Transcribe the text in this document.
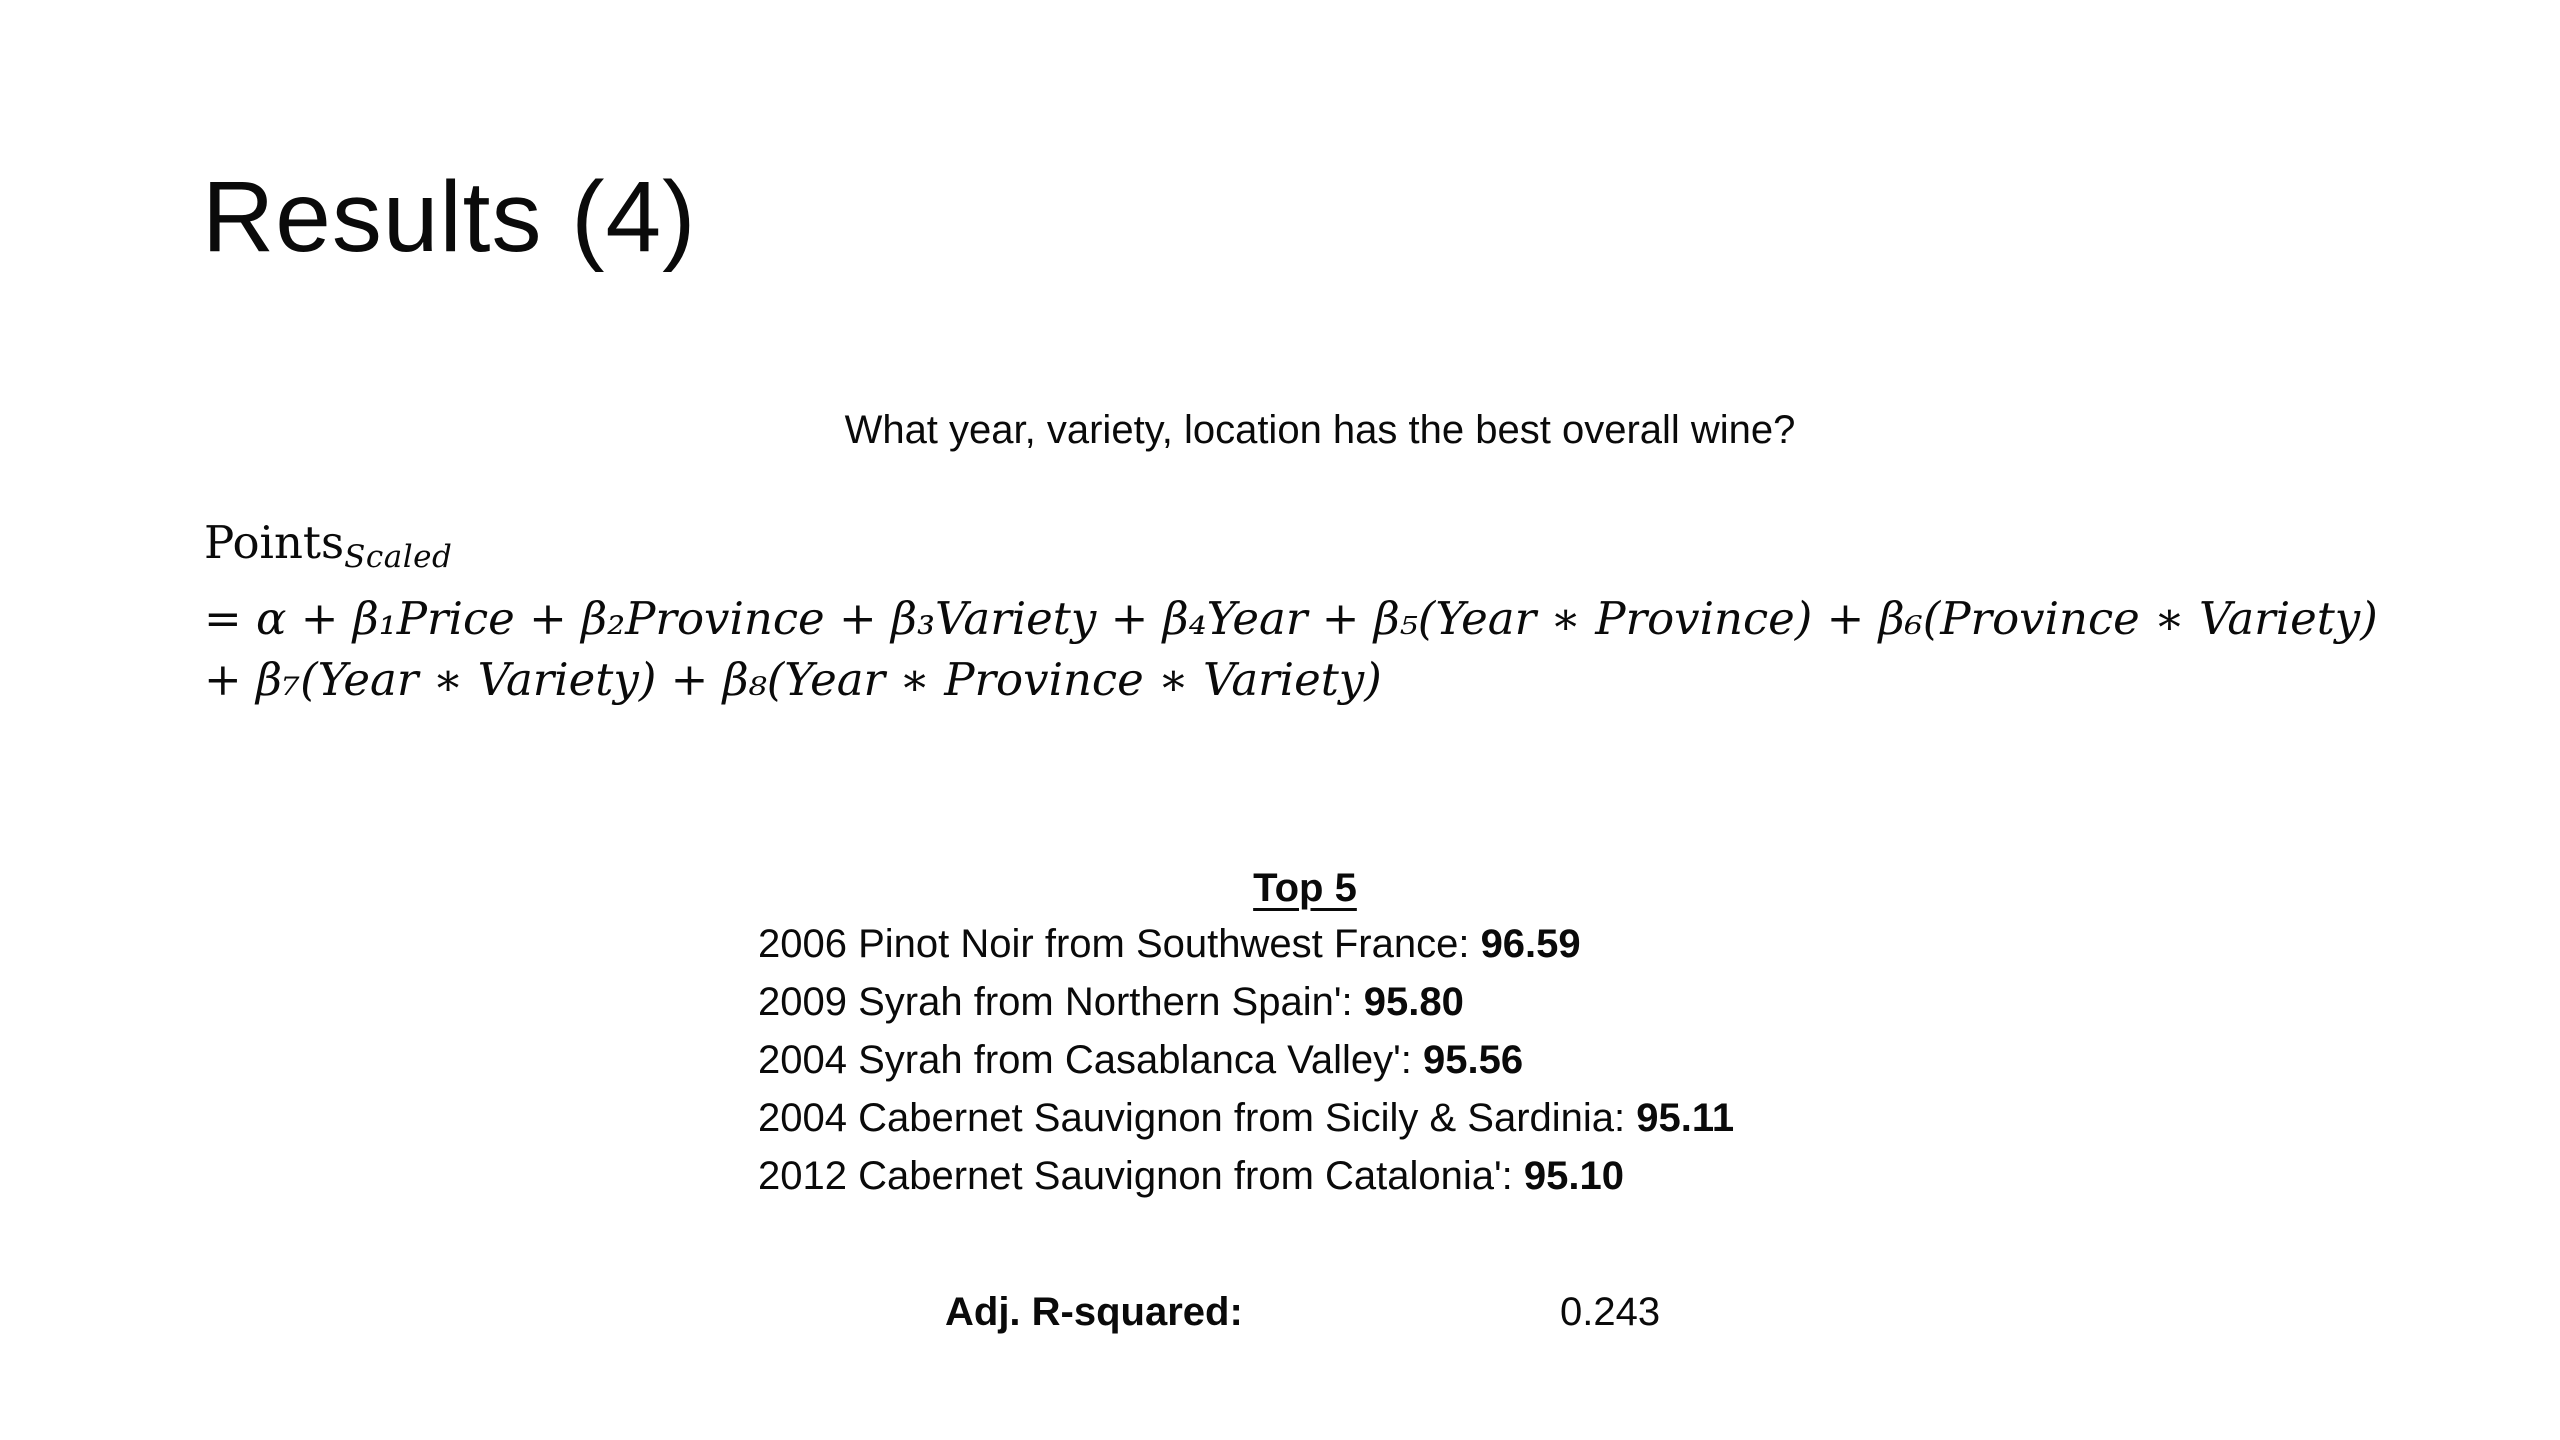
Results (4)
What year, variety, location has the best overall wine?
Points$_{Scaled}$
= α + β₁Price + β₂Province + β₃Variety + β₄Year + β₅(Year ∗ Province) + β₆(Province ∗ Variety)
+ β₇(Year ∗ Variety) + β₈(Year ∗ Province ∗ Variety)
Top 5
2006 Pinot Noir from Southwest France: 96.59
2009 Syrah from Northern Spain': 95.80
2004 Syrah from Casablanca Valley': 95.56
2004 Cabernet Sauvignon from Sicily & Sardinia: 95.11
2012 Cabernet Sauvignon from Catalonia': 95.10
Adj. R-squared:	0.243
